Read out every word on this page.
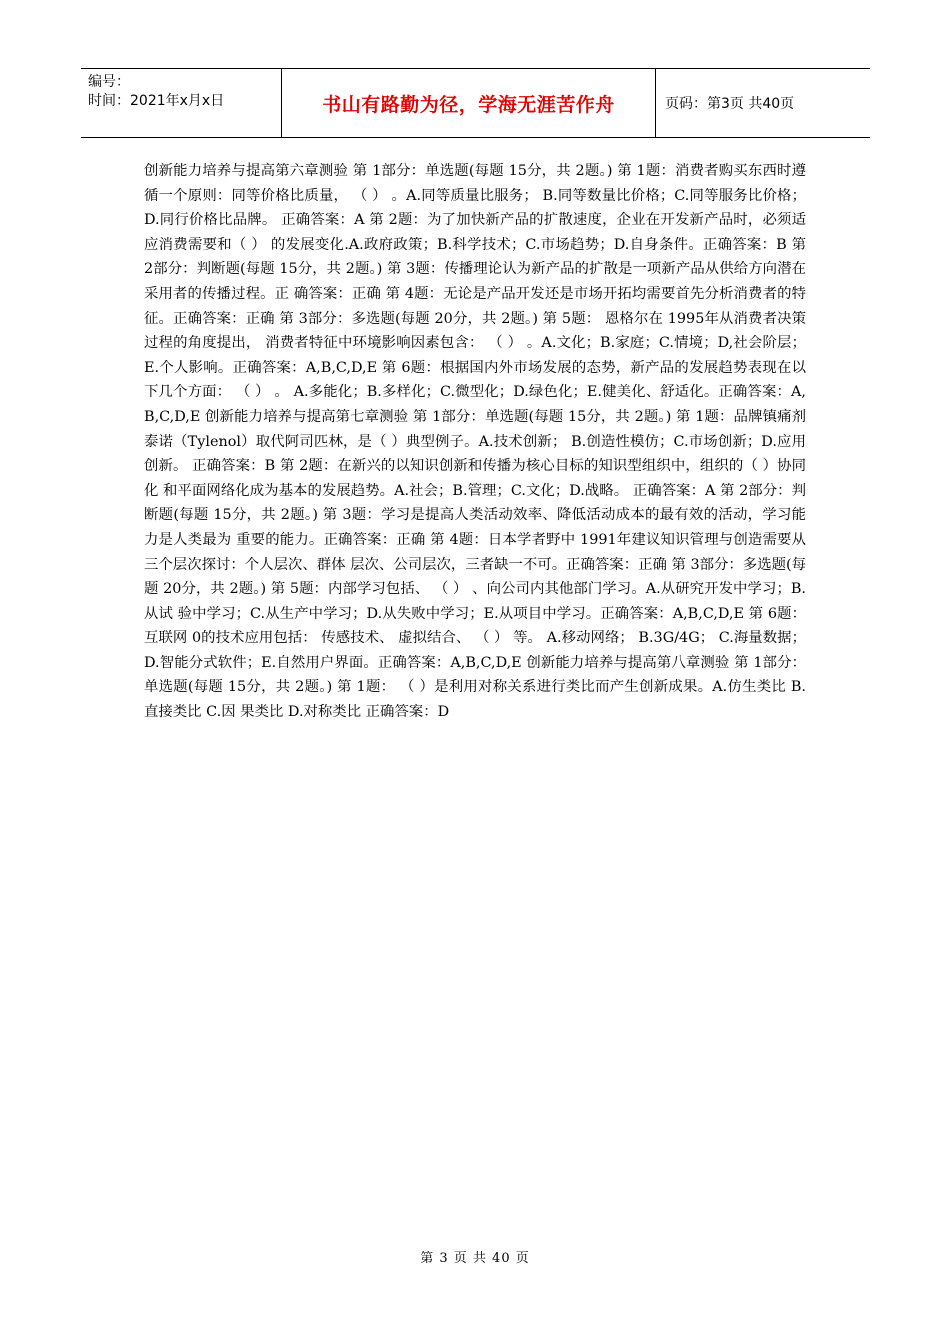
编号：
时间：2021年x月x日	书山有路勤为径，学海无涯苦作舟	页码：第3页 共40页
创新能力培养与提高第六章测验 第 1部分：单选题(每题 15分，共 2题。) 第 1题：消费者购买东西时遵循一个原则：同等价格比质量， （ ） 。A.同等质量比服务； B.同等数量比价格；C.同等服务比价格；D.同行价格比品牌。 正确答案：A 第 2题：为了加快新产品的扩散速度，企业在开发新产品时，必须适应消费需要和（ ） 的发展变化.A.政府政策；B.科学技术；C.市场趋势；D.自身条件。正确答案：B 第 2部分：判断题(每题 15分，共 2题。) 第 3题：传播理论认为新产品的扩散是一项新产品从供给方向潜在采用者的传播过程。正 确答案：正确 第 4题：无论是产品开发还是市场开拓均需要首先分析消费者的特征。正确答案：正确 第 3部分：多选题(每题 20分，共 2题。) 第 5题： 恩格尔在 1995年从消费者决策过程的角度提出， 消费者特征中环境影响因素包含： （ ） 。A.文化；B.家庭；C.情境；D,社会阶层；E.个人影响。正确答案：A,B,C,D,E 第 6题：根据国内外市场发展的态势，新产品的发展趋势表现在以下几个方面： （ ） 。 A.多能化；B.多样化；C.微型化；D.绿色化；E.健美化、舒适化。正确答案：A,B,C,D,E 创新能力培养与提高第七章测验 第 1部分：单选题(每题 15分，共 2题。) 第 1题：品牌镇痛剂泰诺（Tylenol）取代阿司匹林，是（ ）典型例子。A.技术创新； B.创造性模仿；C.市场创新；D.应用创新。 正确答案：B 第 2题：在新兴的以知识创新和传播为核心目标的知识型组织中，组织的（ ）协同化 和平面网络化成为基本的发展趋势。A.社会；B.管理；C.文化；D.战略。 正确答案：A 第 2部分：判断题(每题 15分，共 2题。) 第 3题：学习是提高人类活动效率、降低活动成本的最有效的活动，学习能力是人类最为 重要的能力。正确答案：正确 第 4题：日本学者野中 1991年建议知识管理与创造需要从三个层次探讨：个人层次、群体 层次、公司层次，三者缺一不可。正确答案：正确 第 3部分：多选题(每题 20分，共 2题。) 第 5题：内部学习包括、 （ ） 、向公司内其他部门学习。A.从研究开发中学习；B.从试 验中学习；C.从生产中学习；D.从失败中学习；E.从项目中学习。正确答案：A,B,C,D,E 第 6题： 互联网 0的技术应用包括： 传感技术、 虚拟结合、 （ ） 等。 A.移动网络； B.3G/4G； C.海量数据；D.智能分式软件；E.自然用户界面。正确答案：A,B,C,D,E 创新能力培养与提高第八章测验 第 1部分：单选题(每题 15分，共 2题。) 第 1题： （ ）是利用对称关系进行类比而产生创新成果。A.仿生类比 B.直接类比 C.因 果类比 D.对称类比 正确答案：D
第 3 页 共 40 页
